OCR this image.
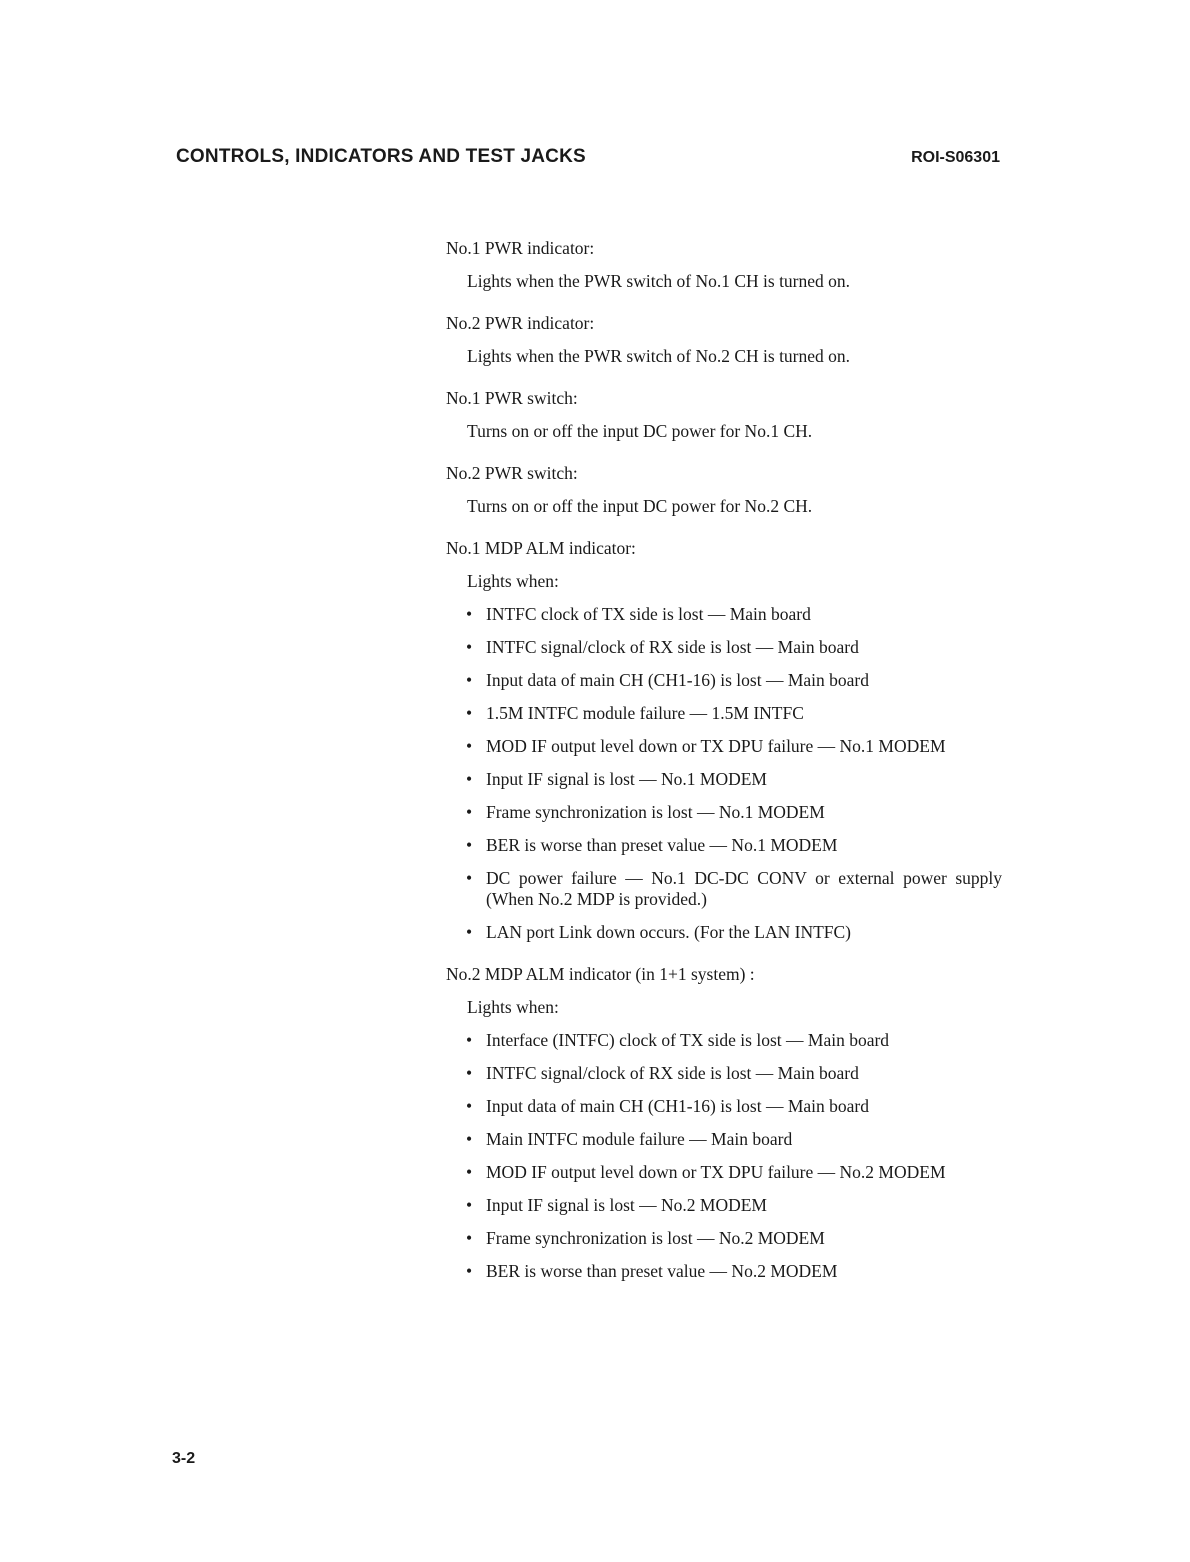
CONTROLS, INDICATORS AND TEST JACKS	ROI-S06301
No.1 PWR indicator:
Lights when the PWR switch of No.1 CH is turned on.
No.2 PWR indicator:
Lights when the PWR switch of No.2 CH is turned on.
No.1 PWR switch:
Turns on or off the input DC power for No.1 CH.
No.2 PWR switch:
Turns on or off the input DC power for No.2 CH.
No.1 MDP ALM indicator:
Lights when:
• INTFC clock of TX side is lost — Main board
• INTFC signal/clock of RX side is lost — Main board
• Input data of main CH (CH1-16) is lost — Main board
• 1.5M INTFC module failure — 1.5M INTFC
• MOD IF output level down or TX DPU failure — No.1 MODEM
• Input IF signal is lost — No.1 MODEM
• Frame synchronization is lost — No.1 MODEM
• BER is worse than preset value — No.1 MODEM
• DC power failure — No.1 DC-DC CONV or external power supply (When No.2 MDP is provided.)
• LAN port Link down occurs. (For the LAN INTFC)
No.2 MDP ALM indicator (in 1+1 system) :
Lights when:
• Interface (INTFC) clock of TX side is lost — Main board
• INTFC signal/clock of RX side is lost — Main board
• Input data of main CH (CH1-16) is lost — Main board
• Main INTFC module failure — Main board
• MOD IF output level down or TX DPU failure — No.2 MODEM
• Input IF signal is lost — No.2 MODEM
• Frame synchronization is lost — No.2 MODEM
• BER is worse than preset value — No.2 MODEM
3-2
